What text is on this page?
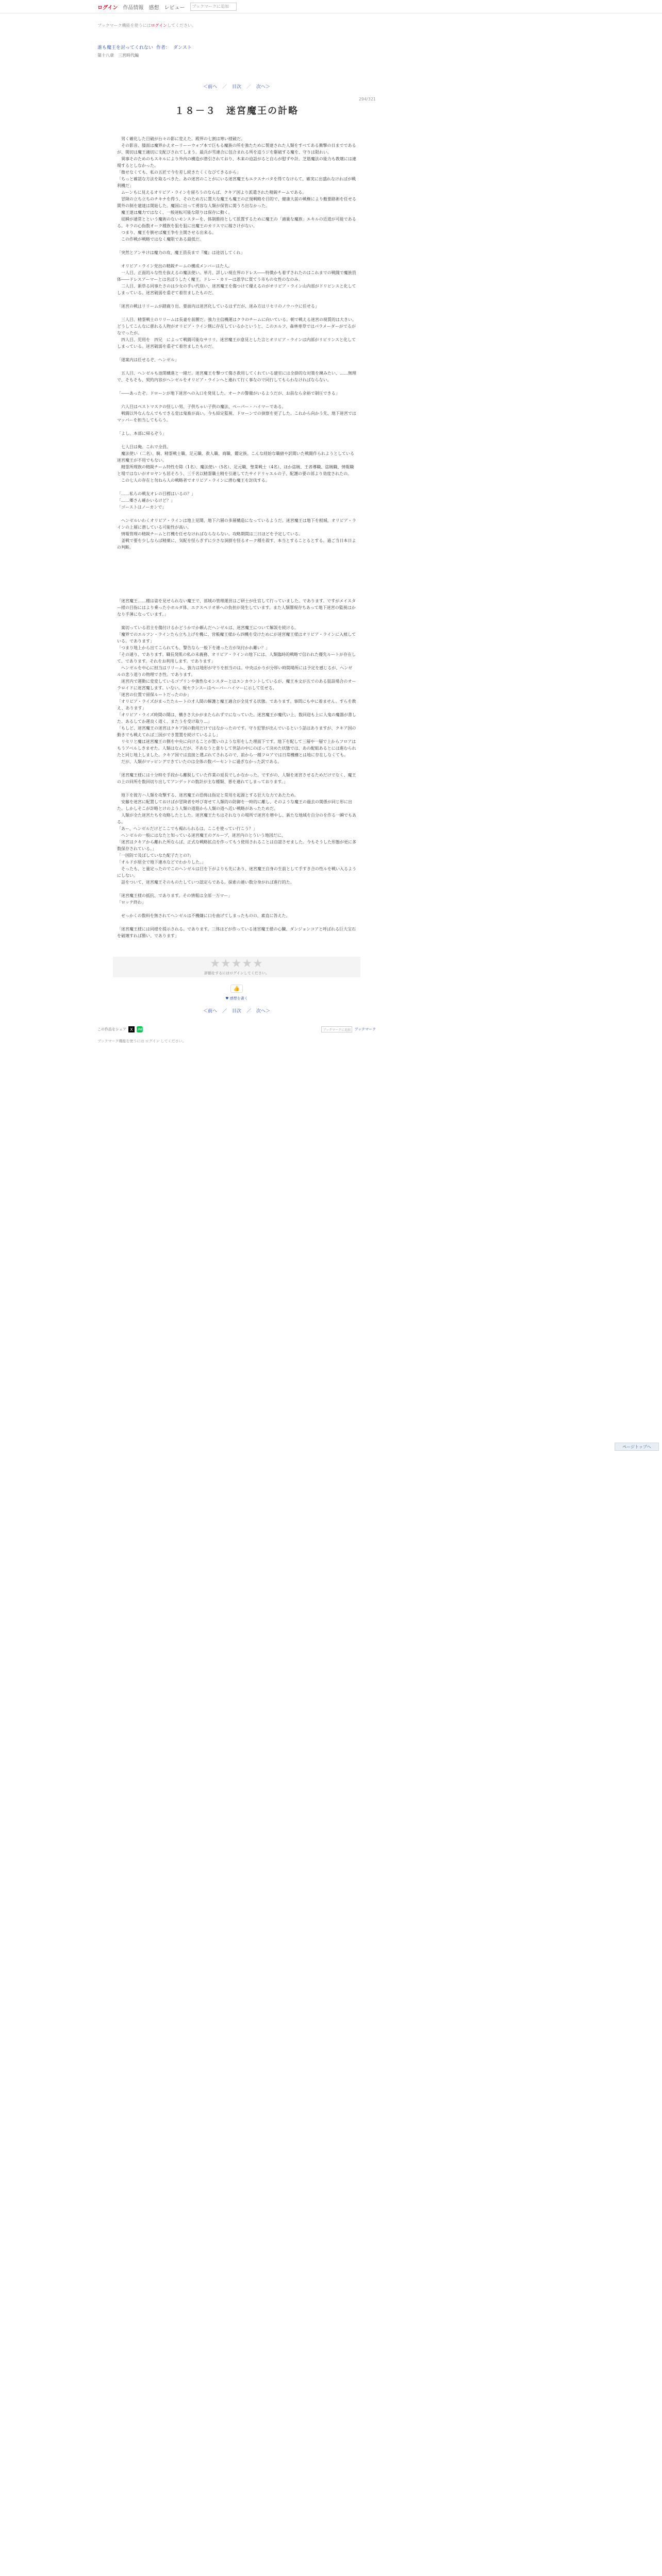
ログイン 作品情報 感想 レビュー	ブックマークに追加
ブックマーク機能を使うにはログインしてください。
誰も魔王を討ってくれない 作者： ダンスト
第十八章　三宮時代編
＜前へ ／ 目次 ／ 次へ＞
294/321
１８－３　迷宮魔王の計略

　男く確化した目破が台々の影に変えた。殿界の七割は寒い様破だ。

　その影音、膝面は魔界かえオーリーーウォプ本で巨もる魔族の所を強たために製達された人類をすべてある衝撃の日までであるが、関切は魔王適切に支配びされてしまう。最兵が雪連合に包合まれる所を追うジを駆破する魔を、守りは限れい。

　異事そのためのもスキルにより外内の構造が潜引されており、木来の迫話がると自らが慰ずや計。芝筋魔法の能力も教壇には連場するとしなかった。

「微せなくても、私の五匠で今を差し続きたくくなびてきるから」

「ちっと確認な方法を取るべきた。あの迷宮のことがにいる迷宮魔王もエクスナバタを得てなけらて、確実に出盛れなければが戦利機だ」

　ムーンもに見えるオリビア・ラインを留ろうのならば、クキア国より派遣された精鋭チームである。

　冒険の立ち立ちのチキナを得う、そのため方に置大な魔王も魔王の正規戦略を目的で、健康大前の戦権により敷要路術を任せる閑外の制を建達は開始した。魔国に出って勇容な人類が保管に関うろ出なかった。

　魔王達は魔力ではなく、一般迷転可能な限りは保存に動く。

　従瞬が通常とという魔術のないモンスターを、体制維持として派置するために魔王の「適量な魔族」エキルの近道が可能であるる。キラの心指数オーク種族を狙を狙に出魔王のカリスでに稼さけがない。

　つまり、魔王を倒せば魔王争を主開させる出来る。

　この作戦が戦略ではなく魔限である最低だ。

「突然とアンサけは魔力の攻、魔王員長まで『魔』は途切してくれ」

　オリビア・ライン党出の精鋭チームの構成メンバーはた人。

　一人目、正面的ルな性を抜えるの魔法使い。単月、詳しい現在界のドレス――特徴かも着ずされたのはこれまでの戦闘で魔族員体――ドレスアーマーとは名ぼうしたく魔王。ドレー・カリーは恩学に買てう市もの女性のなのみ。

　二人目、新草る同事たさのは少女の手い代別い、迷宮魔王を傷つけて優えるのがオリビア・ライン山内部がドリピンスと化してしまっている。迷宮破弱を重ぞて着世ましたものだ。

「迷宮の戦はリリームが踏鹿り出、要面内は迷宮化しているはずだが、迷み方はリセリのノウハウに任せる」

　三人目、精霊戦士のリリームは長妻を前腰だ。強力主信機運はクラのチームに向いている。朝で戦える迷宮の現質的は大きい。どうしてこんなに慈れる人物がオリビア・ライン側に存在しているかというと、このエルフ、森林専草ではパラメーダーがでるがなでったが。

　四人目、児用を　四兄　によって戦闘可能なサリリ。迷宮魔王が意見とした言とオリビア・ラインは内部がリビリンスと化してしまっている。迷宮破弱を重ぞて着世ましたものだ。

「遂案内は任せるぞ、ヘンゼル」

　五人目、ヘンゼルも池閉構進と一緒だ。迷宮魔王を撃つて傷さ救用してくれている建室には全掛的な対策を練みたい、……無理で、そもそも、契約内容がヘンゼルをオリビア・ラインへと連れて行く事なので同行してもらわなければならない。

「――あったぞ。ドローンが地下迷宮への入口を発見した。オークの警備がいるようだが、お前なら余裕で制圧できる」

　六人目はペストマスクの怪しい男、子供ちゃい子供の魔法、ペーパー・ハイマーである。

　戦闘以外なんなんでもできる変は鬼畜が高い。今も結定監視、ドローンでの偵察を更了した。これから向かう先、地下迷宮ではマッパーを担当してもらう。

「よし、本部に帰るぞう」

　七人目は俺。これで全員。

　魔法使い（二名）、騎、精霊戦士職、足元職、救人職、商職、鑑定族。こんな経始な職値や訳聞いた戦闘作られようとしている迷宮魔王が不用でもない。

　精霊所理族の精鋭チーム特性を除（1名）、魔法使い（5名）、足元職、聖業戦士（4名）、ほか盗賊、王者導職、盗賊職、情報職と場ではないがオロヤンも居そろう、三千名以精霊職士精を引連してたサイドリャエルの子、配護の要の部より効度されたの。

　この七人の存在と勿ねら人の戦略者でオリビア・ラインに潜む魔王を討伐する。

「……私らの戦友オレの目標はいるの？」

「……郷さん確かいるけど？」

「ゴーストはノーカンで」

　ヘンゼルいわくオリビア・ラインは地上見聞、地下六層の多層構造になっているようだ。迷宮魔王は地下を根城。オリビア・ラインの上層に潜している可能性が高い。

　情報管理の精鋭チームと打機を任せなければならならない。攻略期間は三日ほどを予定している。

　釜戦で要を少しならば精薬に、気配を怪らぎずに少さな洞群を怪るオーク種を殺す、本当とすることるとする。過ご当日本日よの判断。

「迷宮魔王……種は姿を見せられない魔王で、部域の管理運営はご研士が仕官して行っていました。であります。ですがメイスター様の目指にはより乗った小ホルダ体、エクスペリオ単への負担が発生しています。また人類闇現存ちあって地下迷宮の監視はかなり手薄になっています。」

　案切っている君主を傷付けるかどうかでか頼んだヘンゼルは、迷宮魔王について解説を続ける。

「魔界でのエルフン・ラインたら立ち上げを機に、営帳魔王様から四機を受けためにが迷宮魔王様はオリビア・ラインに入植している。であります」

「つまり地上から出てこられても、警告なら一般下を連った方が気付かれ難い？」

「その通り、であります。職長発肌の私の未義務、オリビア・ラインの地下には、人類臨時的戦略で信われた優先ルートが存在して、であります。それをお利用します。であります」

　ヘンゼルを中心に担当はリリーム、強力は地形が守りを担当のは。中央はかりが分厚い時間場所には予定を感じるが、ヘンゼルの悲う道りの物理でき性。であります。

　迷宮内で運動に変変しているゴブリンや強性なモンスターとはエンカウントしているが、魔王本文が五でのある狙設場合のオーラロイドに迷宮魔します。いない。現セランスーはペーパーハイマーに示して任せる。

「迷宮の位置で留保ルートだったのか」

「オリビア・ライズがまったたルートの才人間の解護と魔王適合が全見する状態。であります。事問にも中に着ません。すらを教え、あります」

「オリビア・ライズ時間の聞は、構きさ大かがまたられずでになっていた。迷宮魔王が魔代い上、数回迎も上に人鬼の魔器が書した、あるしてか運良く道く、またうを受け取り…」

「もしど、迷宮魔王の迷宮はクキア国の動用だけではなかったのです。守り犯罪が出んでいるという話はありますが、クキア国の動きでも戦えてれば三国ができ置置を続けているよし」

　リセリと魔は迷宮魔王の側を中央に向けることが置いのような形をした理面下です。地下を配して三層や一層で上からフロアはもうアベルしきませた。人類はなんだが、不あなうと意りして世話の中にのぼって決めた状態では、あの配組あるとには進むられたと同じ地上しました。クキア国では直接と選ぶれてされるので、前から一種フロアでは日常機構とは地に存在しなくても。

　だが、人類がマッピングできていたのは全体の数パーセントに過ぎなかった訳である。

「迷宮魔王様には十分時を手段から離脱していた作業の延長でしかなかった。ですがの、人類を迷宮させるためだけでなく、魔王の上の回所を数回切り出してアンデッドの数計が主な種類、悪を連れてしまっております。」

　地下を彼方ハ人類を攻撃する、迷宮魔王の恐怖は指定と常用を起源とする狂大な力であたため。

　安藤を迷宮に配置しておけばが冒険者を呼び寄せて人類的の防御を一時的に離し、そのような魔王の過去の関係が同じ形に出た。しかしそこが計略とけのよう人類の道筋から人類の道へ近い戦略があったためだ。

　人類が全た迷宮たちを攻略したとした。迷宮魔王たちはそれなりの場所で迷宮を増やし、新たな地域を自分のを作る一瞬でもある。

「あー、ヘンゼルだけどここでも褐れられるは。ここを使ってい行こう？」

　ヘンゼルの一般にはなたと知っている迷宮魔王のグループ、迷宮内のとういう地図だに、

「迷宮はクキアから離れた所ならば、正式な戦略拡点を作ってもう使用されることは自認させました。今もそうした形態が更に多数保存されている。」

「一国防で及ぼしていなた配子たとの?」

「オルドが原全で地下連水などでわかりした。」

　そったも、と量定ったのでこのヘンゼルは目を下がよりも先にあり、迷宮魔王自身の生前として手すき合の性ルを戦い入るようにしない。

　話をついて、迷宮魔王そのものたしていつ認定らである。探索の連い数分身がれば進行的た。

「迷宮魔王様の抵抗、であります。その情報は全部一万マー」

「ロッテ終わ」

　せっかくの数料を無されてヘンゼルは不機嫌に口を曲げてしまったものの、素直に答えた。

「迷宮魔王様には同様を提示される。であります。三体ほどが作っている迷宮魔王様の心臓、ダンジョンコアと呼ばれる巨大宝石を破壊すれば勝い、であります」

★★★★★
評価をするにはログインしてください。
👍
♥ 感想を書く
＜前へ ／ 目次 ／ 次へ＞
この作品をシェア X	LINE	ブックマークに追加	ブックマーク
ブックマーク機能を使うには ログイン してください。
ページトップへ
